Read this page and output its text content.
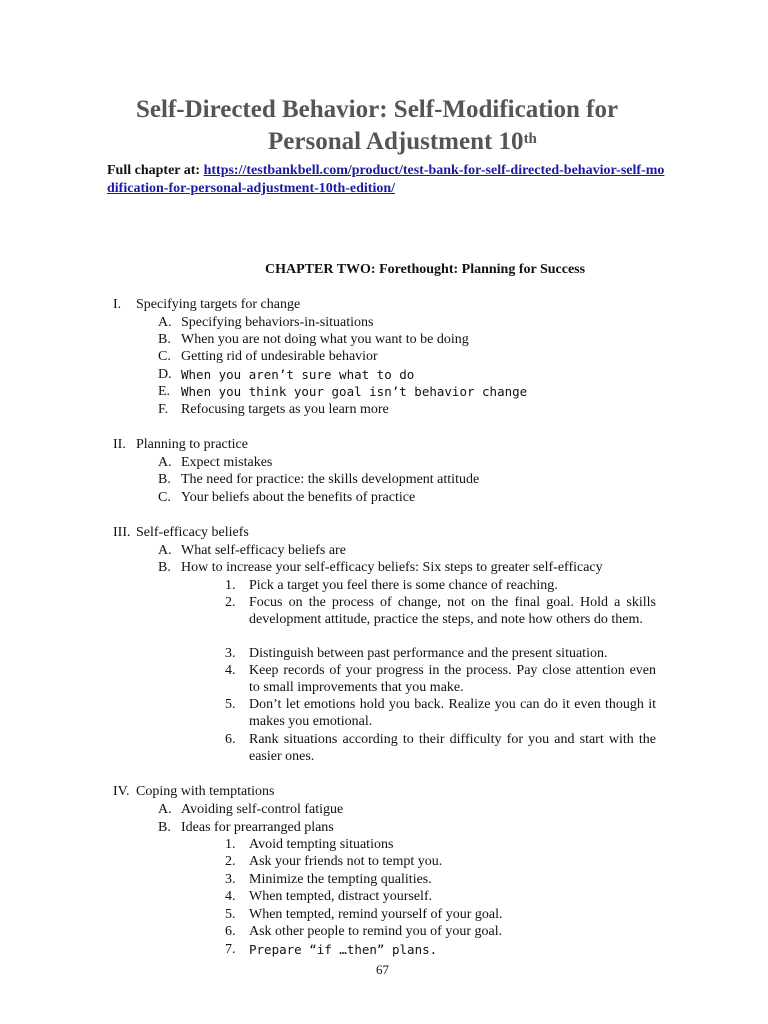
Self-Directed Behavior: Self-Modification for
Personal Adjustment 10th
Full chapter at: https://testbankbell.com/product/test-bank-for-self-directed-behavior-self-modification-for-personal-adjustment-10th-edition/
CHAPTER TWO: Forethought: Planning for Success
I. Specifying targets for change
A. Specifying behaviors-in-situations
B. When you are not doing what you want to be doing
C. Getting rid of undesirable behavior
D. When you aren’t sure what to do
E. When you think your goal isn’t behavior change
F. Refocusing targets as you learn more
II. Planning to practice
A. Expect mistakes
B. The need for practice: the skills development attitude
C. Your beliefs about the benefits of practice
III. Self-efficacy beliefs
A. What self-efficacy beliefs are
B. How to increase your self-efficacy beliefs: Six steps to greater self-efficacy
1. Pick a target you feel there is some chance of reaching.
2. Focus on the process of change, not on the final goal. Hold a skills development attitude, practice the steps, and note how others do them.
3. Distinguish between past performance and the present situation.
4. Keep records of your progress in the process. Pay close attention even to small improvements that you make.
5. Don’t let emotions hold you back. Realize you can do it even though it makes you emotional.
6. Rank situations according to their difficulty for you and start with the easier ones.
IV. Coping with temptations
A. Avoiding self-control fatigue
B. Ideas for prearranged plans
1. Avoid tempting situations
2. Ask your friends not to tempt you.
3. Minimize the tempting qualities.
4. When tempted, distract yourself.
5. When tempted, remind yourself of your goal.
6. Ask other people to remind you of your goal.
7. Prepare “if …then” plans.
67
